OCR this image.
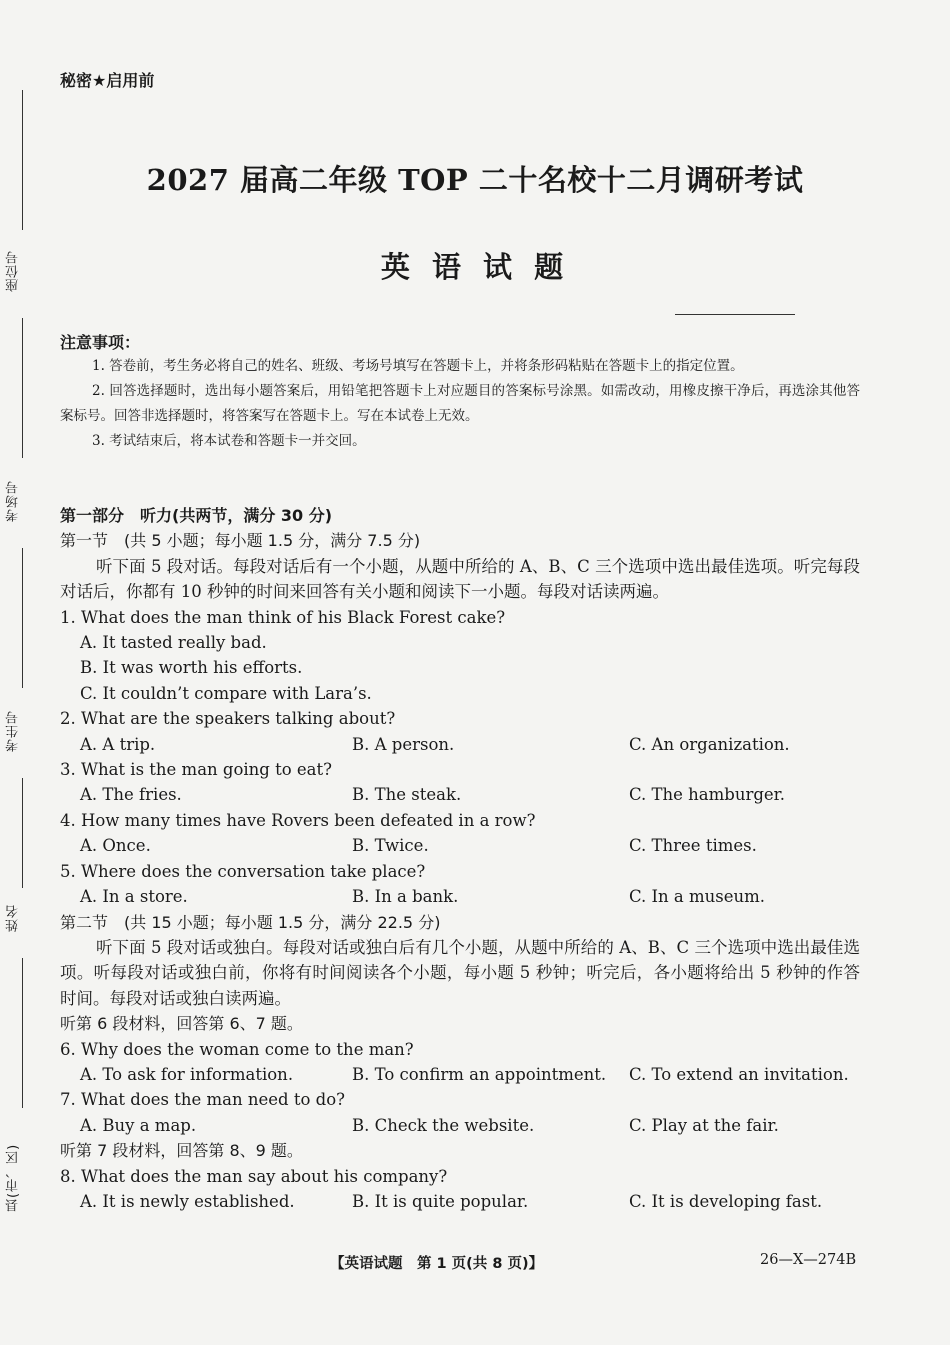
座位号
考场号
考生号
姓名
县(市、区)
秘密★启用前
2027 届高二年级 TOP 二十名校十二月调研考试
英 语 试 题
注意事项：

1. 答卷前，考生务必将自己的姓名、班级、考场号填写在答题卡上，并将条形码粘贴在答题卡上的指定位置。

2. 回答选择题时，选出每小题答案后，用铅笔把答题卡上对应题目的答案标号涂黑。如需改动，用橡皮擦干净后，再选涂其他答案标号。回答非选择题时，将答案写在答题卡上。写在本试卷上无效。

3. 考试结束后，将本试卷和答题卡一并交回。

第一部分　听力(共两节，满分 30 分)
第一节　(共 5 小题；每小题 1.5 分，满分 7.5 分)
听下面 5 段对话。每段对话后有一个小题，从题中所给的 A、B、C 三个选项中选出最佳选项。听完每段对话后，你都有 10 秒钟的时间来回答有关小题和阅读下一小题。每段对话读两遍。
1. What does the man think of his Black Forest cake?
A. It tasted really bad.
B. It was worth his efforts.
C. It couldn’t compare with Lara’s.
2. What are the speakers talking about?
A. A trip.	B. A person.	C. An organization.
3. What is the man going to eat?
A. The fries.	B. The steak.	C. The hamburger.
4. How many times have Rovers been defeated in a row?
A. Once.	B. Twice.	C. Three times.
5. Where does the conversation take place?
A. In a store.	B. In a bank.	C. In a museum.
第二节　(共 15 小题；每小题 1.5 分，满分 22.5 分)
听下面 5 段对话或独白。每段对话或独白后有几个小题，从题中所给的 A、B、C 三个选项中选出最佳选项。听每段对话或独白前，你将有时间阅读各个小题，每小题 5 秒钟；听完后，各小题将给出 5 秒钟的作答时间。每段对话或独白读两遍。
听第 6 段材料，回答第 6、7 题。
6. Why does the woman come to the man?
A. To ask for information.	B. To confirm an appointment.	C. To extend an invitation.
7. What does the man need to do?
A. Buy a map.	B. Check the website.	C. Play at the fair.
听第 7 段材料，回答第 8、9 题。
8. What does the man say about his company?
A. It is newly established.	B. It is quite popular.	C. It is developing fast.
【英语试题　第 1 页(共 8 页)】	26—X—274B
